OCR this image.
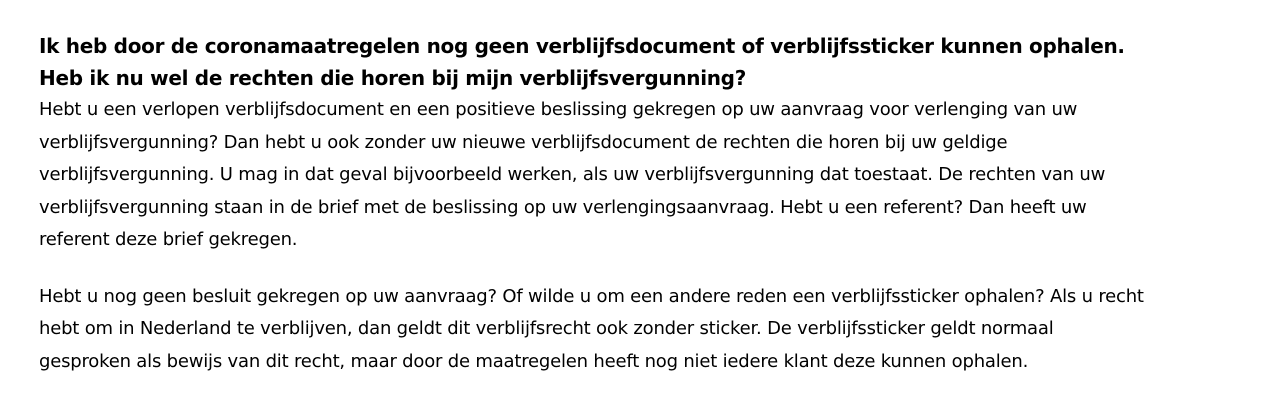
Ik heb door de coronamaatregelen nog geen verblijfsdocument of verblijfssticker kunnen ophalen. Heb ik nu wel de rechten die horen bij mijn verblijfsvergunning?

Hebt u een verlopen verblijfsdocument en een positieve beslissing gekregen op uw aanvraag voor verlenging van uw verblijfsvergunning? Dan hebt u ook zonder uw nieuwe verblijfsdocument de rechten die horen bij uw geldige verblijfsvergunning. U mag in dat geval bijvoorbeeld werken, als uw verblijfsvergunning dat toestaat. De rechten van uw verblijfsvergunning staan in de brief met de beslissing op uw verlengingsaanvraag. Hebt u een referent? Dan heeft uw referent deze brief gekregen.

Hebt u nog geen besluit gekregen op uw aanvraag? Of wilde u om een andere reden een verblijfssticker ophalen? Als u recht hebt om in Nederland te verblijven, dan geldt dit verblijfsrecht ook zonder sticker. De verblijfssticker geldt normaal gesproken als bewijs van dit recht, maar door de maatregelen heeft nog niet iedere klant deze kunnen ophalen.
